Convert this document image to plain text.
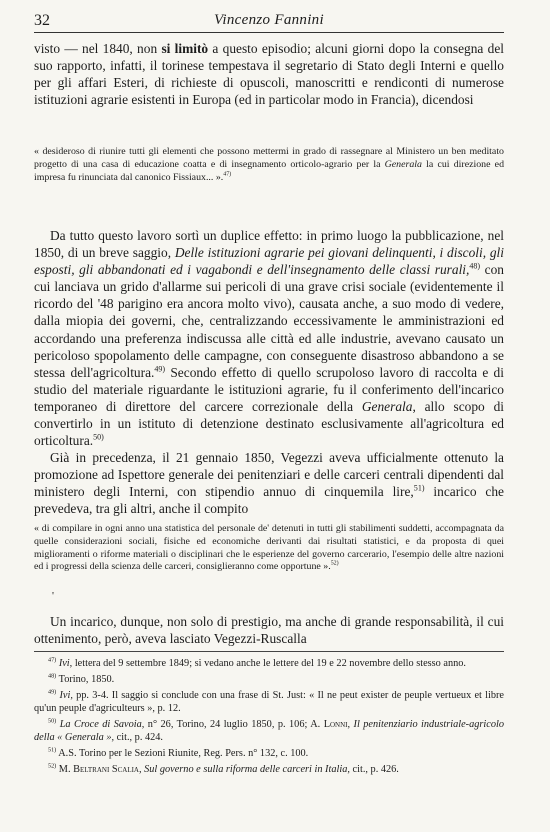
32	Vincenzo Fannini

visto — nel 1840, non si limitò a questo episodio; alcuni giorni dopo la consegna del suo rapporto, infatti, il torinese tempestava il segretario di Stato degli Interni e quello per gli affari Esteri, di richieste di opuscoli, manoscritti e rendiconti di numerose istituzioni agrarie esistenti in Europa (ed in particolar modo in Francia), dicendosi

« desideroso di riunire tutti gli elementi che possono mettermi in grado di rassegnare al Ministero un ben meditato progetto di una casa di educazione coatta e di insegnamento orticolo-agrario per la Generala la cui direzione ed impresa fu rinunciata dal canonico Fissiaux... ».$^{47)}$

Da tutto questo lavoro sortì un duplice effetto: in primo luogo la pubblicazione, nel 1850, di un breve saggio, Delle istituzioni agrarie pei giovani delinquenti, i discoli, gli esposti, gli abbandonati ed i vagabondi e dell'insegnamento delle classi rurali,$^{48)}$ con cui lanciava un grido d'allarme sui pericoli di una grave crisi sociale (evidentemente il ricordo del '48 parigino era ancora molto vivo), causata anche, a suo modo di vedere, dalla miopia dei governi, che, centralizzando eccessivamente le amministrazioni ed accordando una preferenza indiscussa alle città ed alle industrie, avevano causato un pericoloso spopolamento delle campagne, con conseguente disastroso abbandono a se stessa dell'agricoltura.$^{49)}$ Secondo effetto di quello scrupoloso lavoro di raccolta e di studio del materiale riguardante le istituzioni agrarie, fu il conferimento dell'incarico temporaneo di direttore del carcere correzionale della Generala, allo scopo di convertirlo in un istituto di detenzione destinato esclusivamente all'agricoltura ed orticoltura.$^{50)}$

Già in precedenza, il 21 gennaio 1850, Vegezzi aveva ufficialmente ottenuto la promozione ad Ispettore generale dei penitenziari e delle carceri centrali dipendenti dal ministero degli Interni, con stipendio annuo di cinquemila lire,$^{51)}$ incarico che prevedeva, tra gli altri, anche il compito

« di compilare in ogni anno una statistica del personale de' detenuti in tutti gli stabilimenti suddetti, accompagnata da quelle considerazioni sociali, fisiche ed economiche derivanti dai risultati statistici, e da proposta di quei miglioramenti o riforme materiali o disciplinari che le esperienze del governo carcerario, l'esempio delle altre nazioni ed i progressi della scienza delle carceri, consiglieranno come opportune ».$^{52)}$

'

Un incarico, dunque, non solo di prestigio, ma anche di grande responsabilità, il cui ottenimento, però, aveva lasciato Vegezzi-Ruscalla

$^{47)}$ Ivi, lettera del 9 settembre 1849; si vedano anche le lettere del 19 e 22 novembre dello stesso anno.

$^{48)}$ Torino, 1850.

$^{49)}$ Ivi, pp. 3-4. Il saggio si conclude con una frase di St. Just: « Il ne peut exister de peuple vertueux et libre qu'un peuple d'agriculteurs », p. 12.

$^{50)}$ La Croce di Savoia, n° 26, Torino, 24 luglio 1850, p. 106; A. Lonni, Il penitenziario industriale-agricolo della « Generala », cit., p. 424.

$^{51)}$ A.S. Torino per le Sezioni Riunite, Reg. Pers. n° 132, c. 100.

$^{52)}$ M. Beltrani Scalia, Sul governo e sulla riforma delle carceri in Italia, cit., p. 426.
